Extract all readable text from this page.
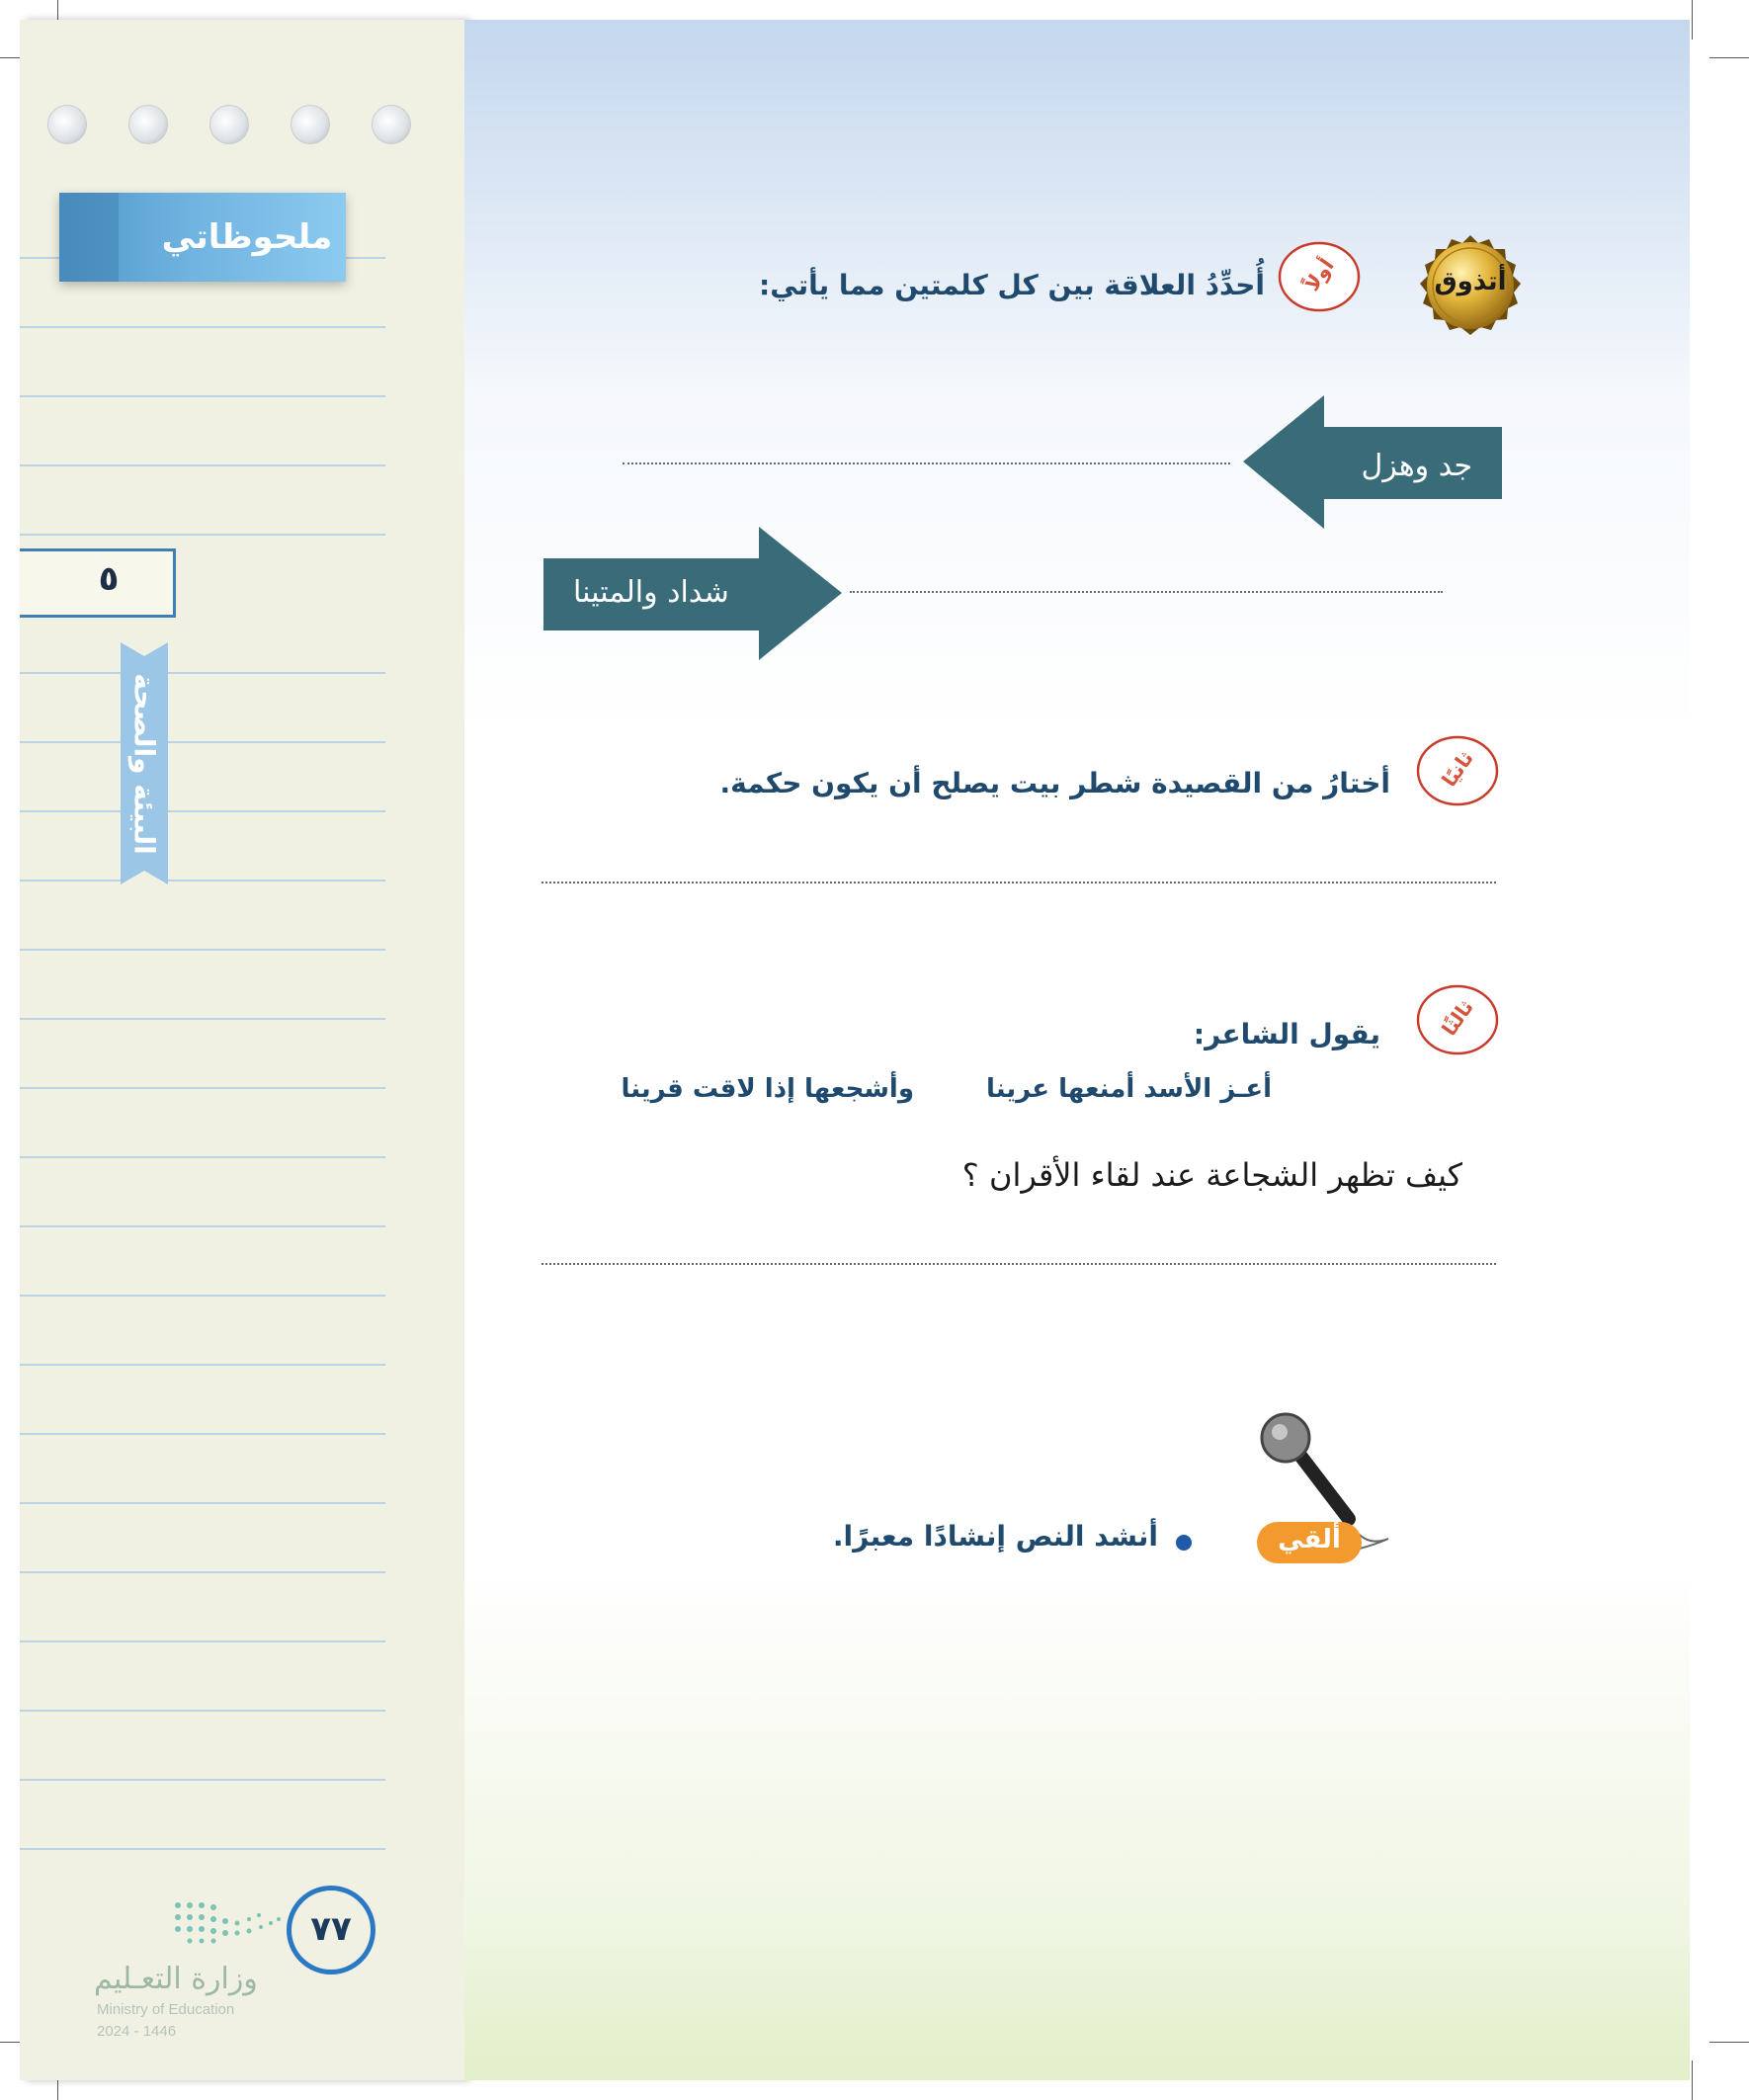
ملحوظاتي
٥
البيئة والصحة
٧٧
وزارة التعـليم
Ministry of Education
2024 - 1446
أتذوق
أولاً
أُحدِّدُ العلاقة بين كل كلمتين مما يأتي:
جد وهزل
شداد والمتينا
ثانيًا
أختارُ من القصيدة شطر بيت يصلح أن يكون حكمة.
ثالثًا
يقول الشاعر:
أعـز الأسد أمنعها عرينا
وأشجعها إذا لاقت قرينا
كيف تظهر الشجاعة عند لقاء الأقران ؟
ألقي
أنشد النص إنشادًا معبرًا.
